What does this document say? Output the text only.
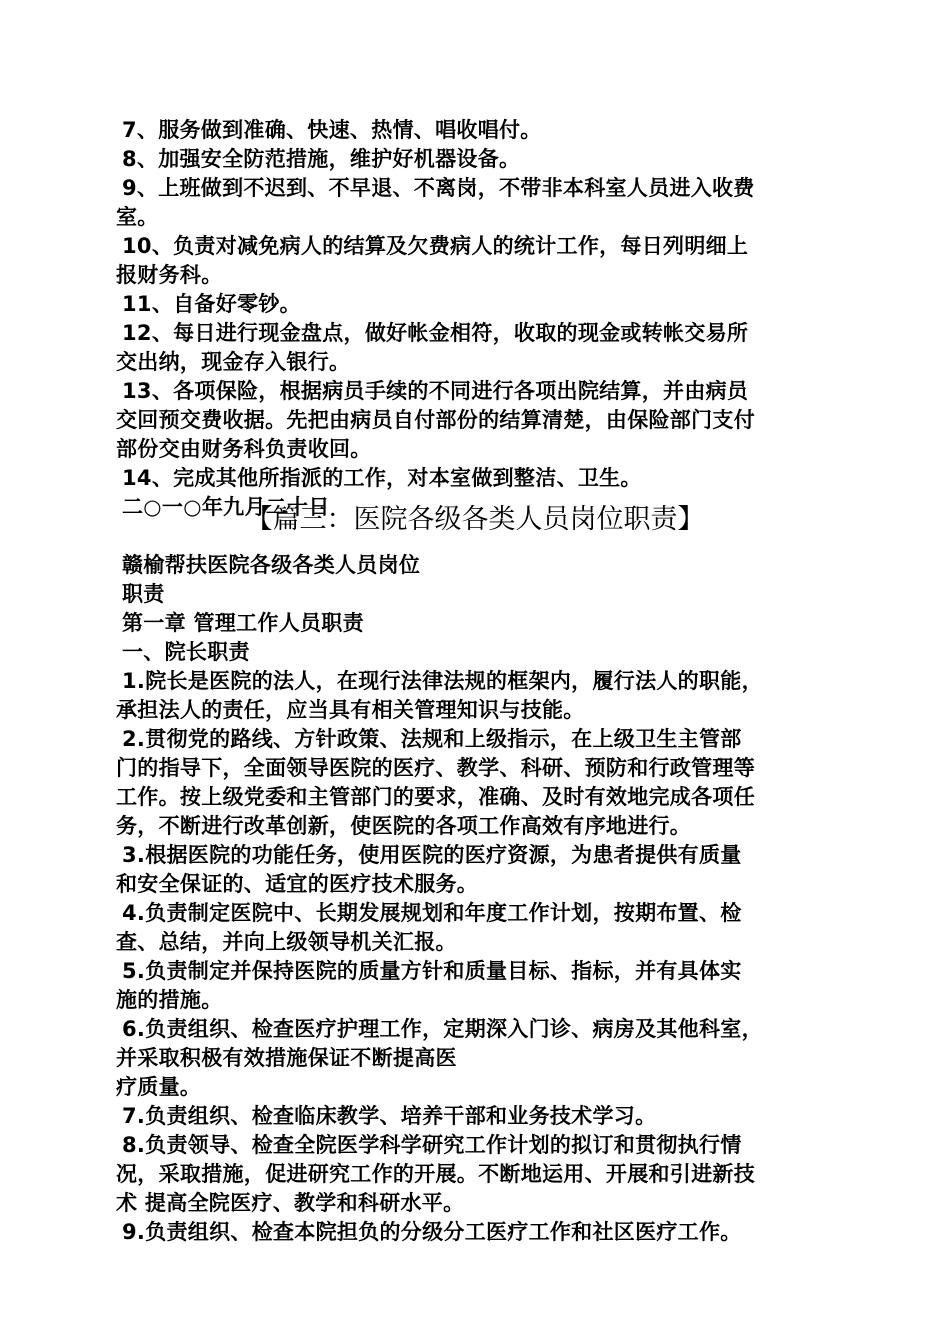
7、服务做到准确、快速、热情、唱收唱付。
8、加强安全防范措施，维护好机器设备。
9、上班做到不迟到、不早退、不离岗，不带非本科室人员进入收费
室。
10、负责对减免病人的结算及欠费病人的统计工作，每日列明细上
报财务科。
11、自备好零钞。
12、每日进行现金盘点，做好帐金相符，收取的现金或转帐交易所
交出纳，现金存入银行。
13、各项保险，根据病员手续的不同进行各项出院结算，并由病员
交回预交费收据。先把由病员自付部份的结算清楚，由保险部门支付
部份交由财务科负责收回。
14、完成其他所指派的工作，对本室做到整洁、卫生。
二○一○年九月二十日
【篇三：医院各级各类人员岗位职责】
赣榆帮扶医院各级各类人员岗位
职责
第一章 管理工作人员职责
一、院长职责
1.院长是医院的法人，在现行法律法规的框架内，履行法人的职能，
承担法人的责任，应当具有相关管理知识与技能。
2.贯彻党的路线、方针政策、法规和上级指示，在上级卫生主管部
门的指导下，全面领导医院的医疗、教学、科研、预防和行政管理等
工作。按上级党委和主管部门的要求，准确、及时有效地完成各项任
务，不断进行改革创新，使医院的各项工作高效有序地进行。
3.根据医院的功能任务，使用医院的医疗资源，为患者提供有质量
和安全保证的、适宜的医疗技术服务。
4.负责制定医院中、长期发展规划和年度工作计划，按期布置、检
查、总结，并向上级领导机关汇报。
5.负责制定并保持医院的质量方针和质量目标、指标，并有具体实
施的措施。
6.负责组织、检查医疗护理工作，定期深入门诊、病房及其他科室，
并采取积极有效措施保证不断提高医
疗质量。
7.负责组织、检查临床教学、培养干部和业务技术学习。
8.负责领导、检查全院医学科学研究工作计划的拟订和贯彻执行情
况，采取措施，促进研究工作的开展。不断地运用、开展和引进新技
术 提高全院医疗、教学和科研水平。
9.负责组织、检查本院担负的分级分工医疗工作和社区医疗工作。
